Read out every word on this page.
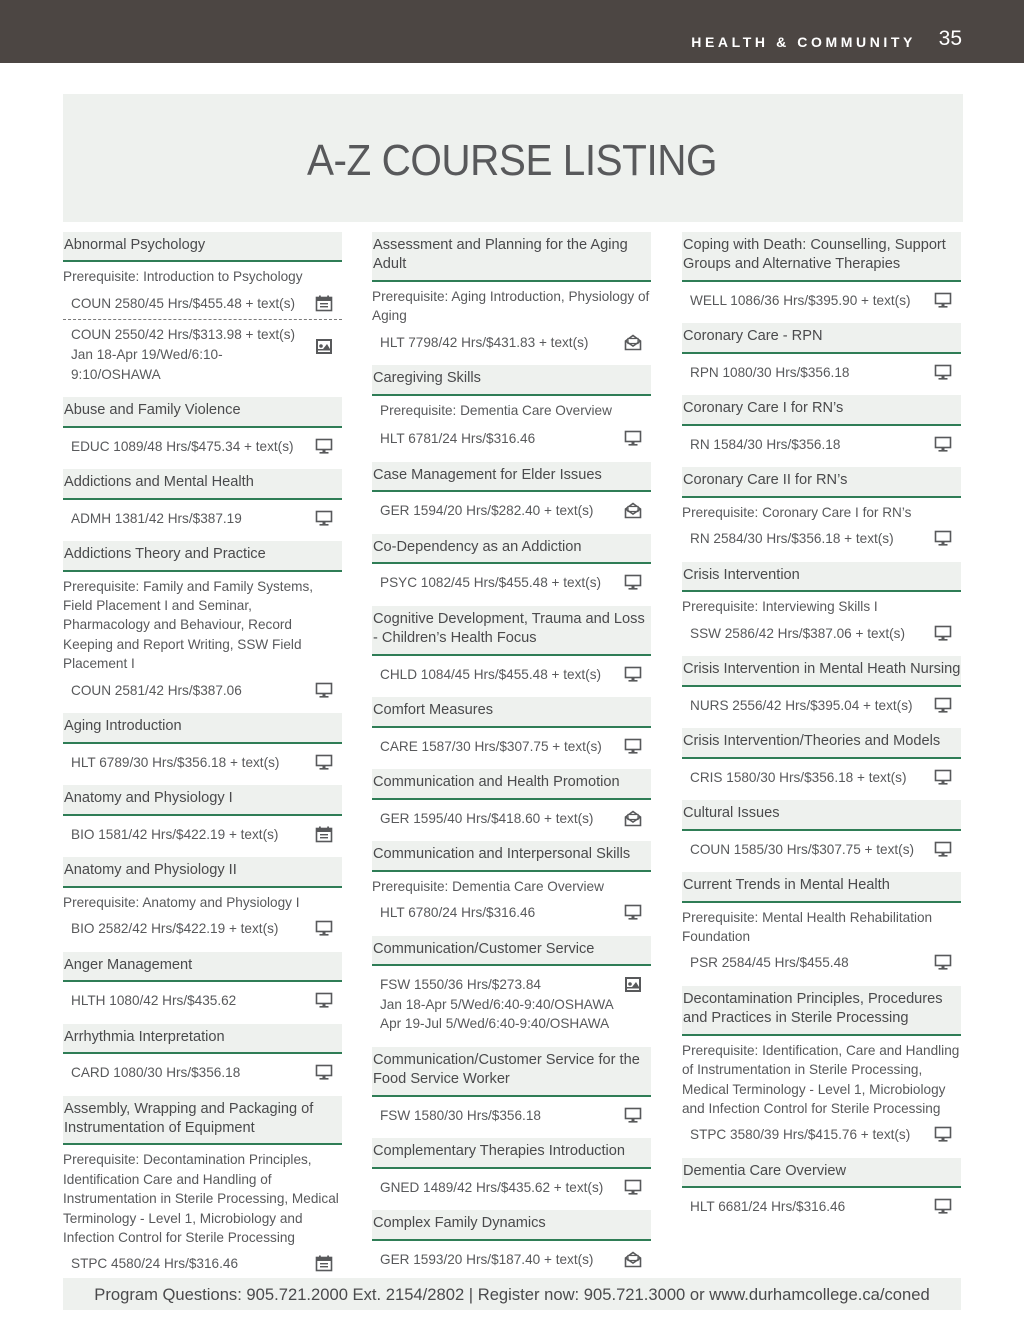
HEALTH & COMMUNITY 35
A-Z COURSE LISTING
Abnormal Psychology
Prerequisite: Introduction to Psychology
COUN 2580/45 Hrs/$455.48 + text(s)
COUN 2550/42 Hrs/$313.98 + text(s)
Jan 18-Apr 19/Wed/6:10-9:10/OSHAWA
Abuse and Family Violence
EDUC 1089/48 Hrs/$475.34 + text(s)
Addictions and Mental Health
ADMH 1381/42 Hrs/$387.19
Addictions Theory and Practice
Prerequisite: Family and Family Systems, Field Placement I and Seminar, Pharmacology and Behaviour, Record Keeping and Report Writing, SSW Field Placement I
COUN 2581/42 Hrs/$387.06
Aging Introduction
HLT 6789/30 Hrs/$356.18 + text(s)
Anatomy and Physiology I
BIO 1581/42 Hrs/$422.19 + text(s)
Anatomy and Physiology II
Prerequisite: Anatomy and Physiology I
BIO 2582/42 Hrs/$422.19 + text(s)
Anger Management
HLTH 1080/42 Hrs/$435.62
Arrhythmia Interpretation
CARD 1080/30 Hrs/$356.18
Assembly, Wrapping and Packaging of Instrumentation of Equipment
Prerequisite: Decontamination Principles, Identification Care and Handling of Instrumentation in Sterile Processing, Medical Terminology - Level 1, Microbiology and Infection Control for Sterile Processing
STPC 4580/24 Hrs/$316.46
Assessment and Planning for the Aging Adult
Prerequisite: Aging Introduction, Physiology of Aging
HLT 7798/42 Hrs/$431.83 + text(s)
Caregiving Skills
Prerequisite: Dementia Care Overview
HLT 6781/24 Hrs/$316.46
Case Management for Elder Issues
GER 1594/20 Hrs/$282.40 + text(s)
Co-Dependency as an Addiction
PSYC 1082/45 Hrs/$455.48 + text(s)
Cognitive Development, Trauma and Loss - Children’s Health Focus
CHLD 1084/45 Hrs/$455.48 + text(s)
Comfort Measures
CARE 1587/30 Hrs/$307.75 + text(s)
Communication and Health Promotion
GER 1595/40 Hrs/$418.60 + text(s)
Communication and Interpersonal Skills
Prerequisite: Dementia Care Overview
HLT 6780/24 Hrs/$316.46
Communication/Customer Service
FSW 1550/36 Hrs/$273.84
Jan 18-Apr 5/Wed/6:40-9:40/OSHAWA
Apr 19-Jul 5/Wed/6:40-9:40/OSHAWA
Communication/Customer Service for the Food Service Worker
FSW 1580/30 Hrs/$356.18
Complementary Therapies Introduction
GNED 1489/42 Hrs/$435.62 + text(s)
Complex Family Dynamics
GER 1593/20 Hrs/$187.40 + text(s)
Coping with Death: Counselling, Support Groups and Alternative Therapies
WELL 1086/36 Hrs/$395.90 + text(s)
Coronary Care - RPN
RPN 1080/30 Hrs/$356.18
Coronary Care I for RN’s
RN 1584/30 Hrs/$356.18
Coronary Care II for RN’s
Prerequisite: Coronary Care I for RN’s
RN 2584/30 Hrs/$356.18 + text(s)
Crisis Intervention
Prerequisite: Interviewing Skills I
SSW 2586/42 Hrs/$387.06 + text(s)
Crisis Intervention in Mental Heath Nursing
NURS 2556/42 Hrs/$395.04 + text(s)
Crisis Intervention/Theories and Models
CRIS 1580/30 Hrs/$356.18 + text(s)
Cultural Issues
COUN 1585/30 Hrs/$307.75 + text(s)
Current Trends in Mental Health
Prerequisite: Mental Health Rehabilitation Foundation
PSR 2584/45 Hrs/$455.48
Decontamination Principles, Procedures and Practices in Sterile Processing
Prerequisite: Identification, Care and Handling of Instrumentation in Sterile Processing, Medical Terminology - Level 1, Microbiology and Infection Control for Sterile Processing
STPC 3580/39 Hrs/$415.76 + text(s)
Dementia Care Overview
HLT 6681/24 Hrs/$316.46
Program Questions: 905.721.2000 Ext. 2154/2802 | Register now: 905.721.3000 or www.durhamcollege.ca/coned
